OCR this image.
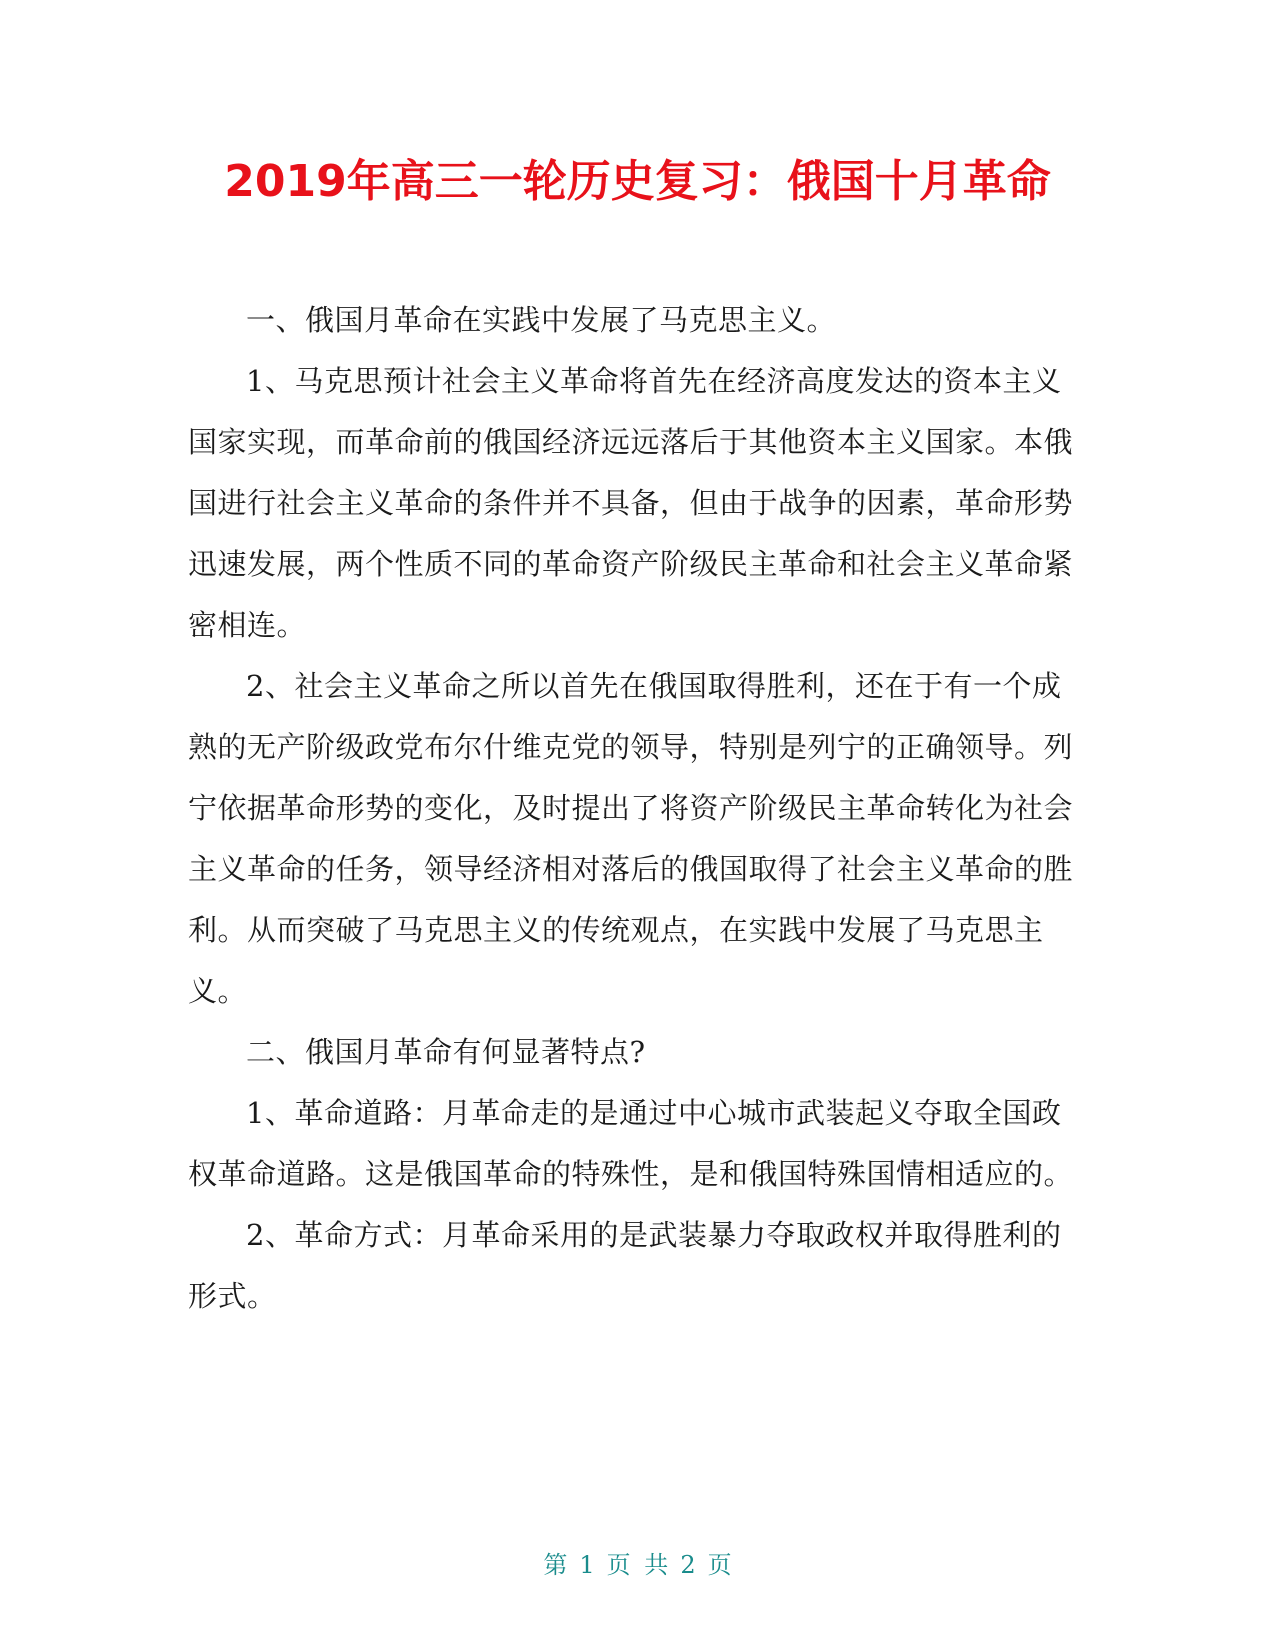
2019年高三一轮历史复习：俄国十月革命

一、俄国月革命在实践中发展了马克思主义。

1、马克思预计社会主义革命将首先在经济高度发达的资本主义国家实现，而革命前的俄国经济远远落后于其他资本主义国家。本俄国进行社会主义革命的条件并不具备，但由于战争的因素，革命形势迅速发展，两个性质不同的革命资产阶级民主革命和社会主义革命紧密相连。

2、社会主义革命之所以首先在俄国取得胜利，还在于有一个成熟的无产阶级政党布尔什维克党的领导，特别是列宁的正确领导。列宁依据革命形势的变化，及时提出了将资产阶级民主革命转化为社会主义革命的任务，领导经济相对落后的俄国取得了社会主义革命的胜利。从而突破了马克思主义的传统观点，在实践中发展了马克思主义。

二、俄国月革命有何显著特点?

1、革命道路：月革命走的是通过中心城市武装起义夺取全国政权革命道路。这是俄国革命的特殊性，是和俄国特殊国情相适应的。

2、革命方式：月革命采用的是武装暴力夺取政权并取得胜利的形式。

第 1 页 共 2 页
